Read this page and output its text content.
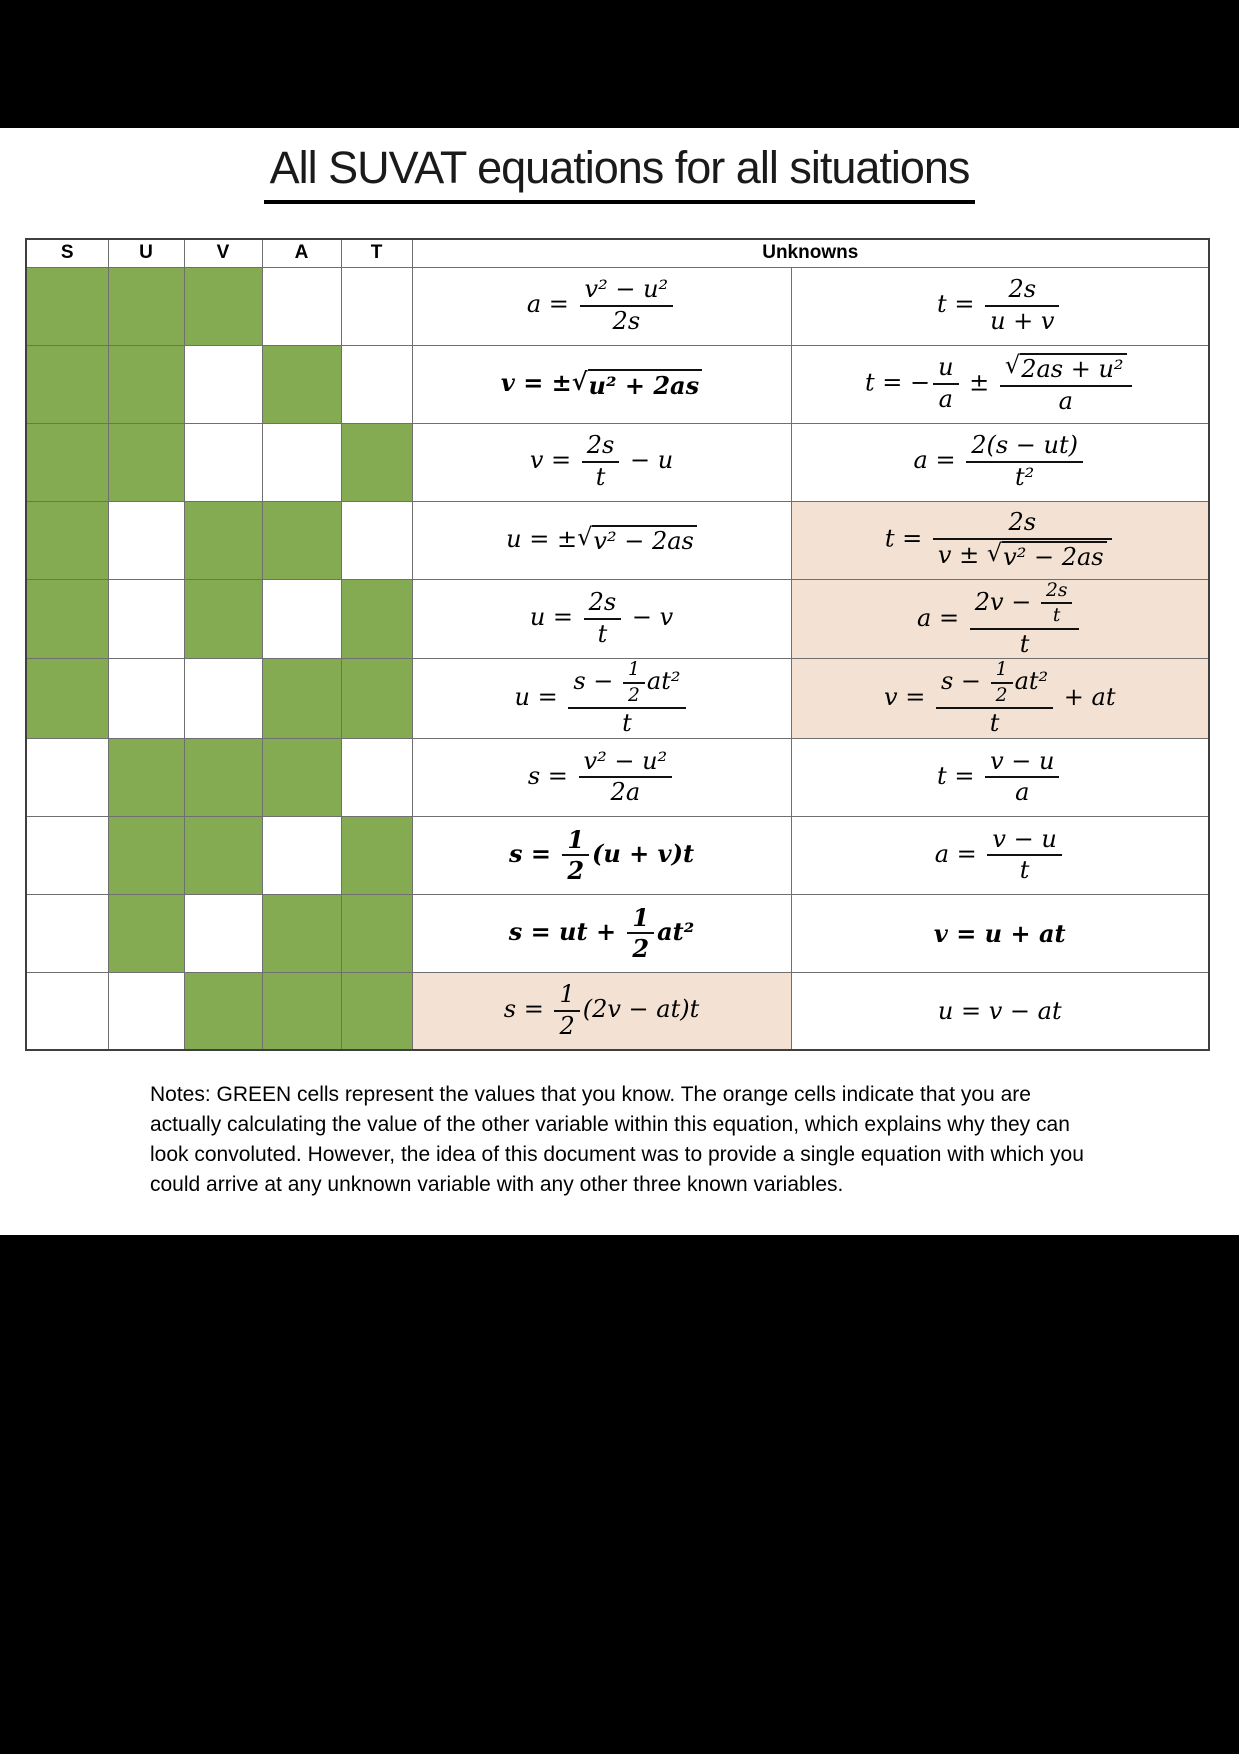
All SUVAT equations for all situations
S	U	V	A	T	Unknowns	
					$a = \frac{\text{v² − u²}}{2s}$	$t = \frac{2s}{u + v}$

					v = ± √ u² + 2as	t = − $\frac{u}{a} \pm \frac{\text{√ 2as + u²}}{a}$

					$v = \frac{2s}{t} - u$	$a = \frac{2(s - ut)}{\text{t²}}$

					u = ± √ v² − 2as	$t = \frac{2s}{\text{v ± √ v² − 2as}}$

					$u = \frac{2s}{t} - v$	$a = \frac{2v - \frac{2s}{t}}{t}$

					$u = \frac{s - \frac{1}{2} at^2}{t}$	$v = \frac{s - \frac{1}{2} at^2}{t}$ + at
					$s = \frac{\text{v² − u²}}{2a}$	$t = \frac{v - u}{a}$

					$s = \frac{1}{2} (u + v)t$	$a = \frac{v - u}{t}$

					s = ut + $\frac{1}{2} at^2$	v = u + at
					$s = \frac{1}{2} (2v - at)t$	u = v − at

Notes: GREEN cells represent the values that you know. The orange cells indicate that you are actually calculating the value of the other variable within this equation, which explains why they can look convoluted. However, the idea of this document was to provide a single equation with which you could arrive at any unknown variable with any other three known variables.
